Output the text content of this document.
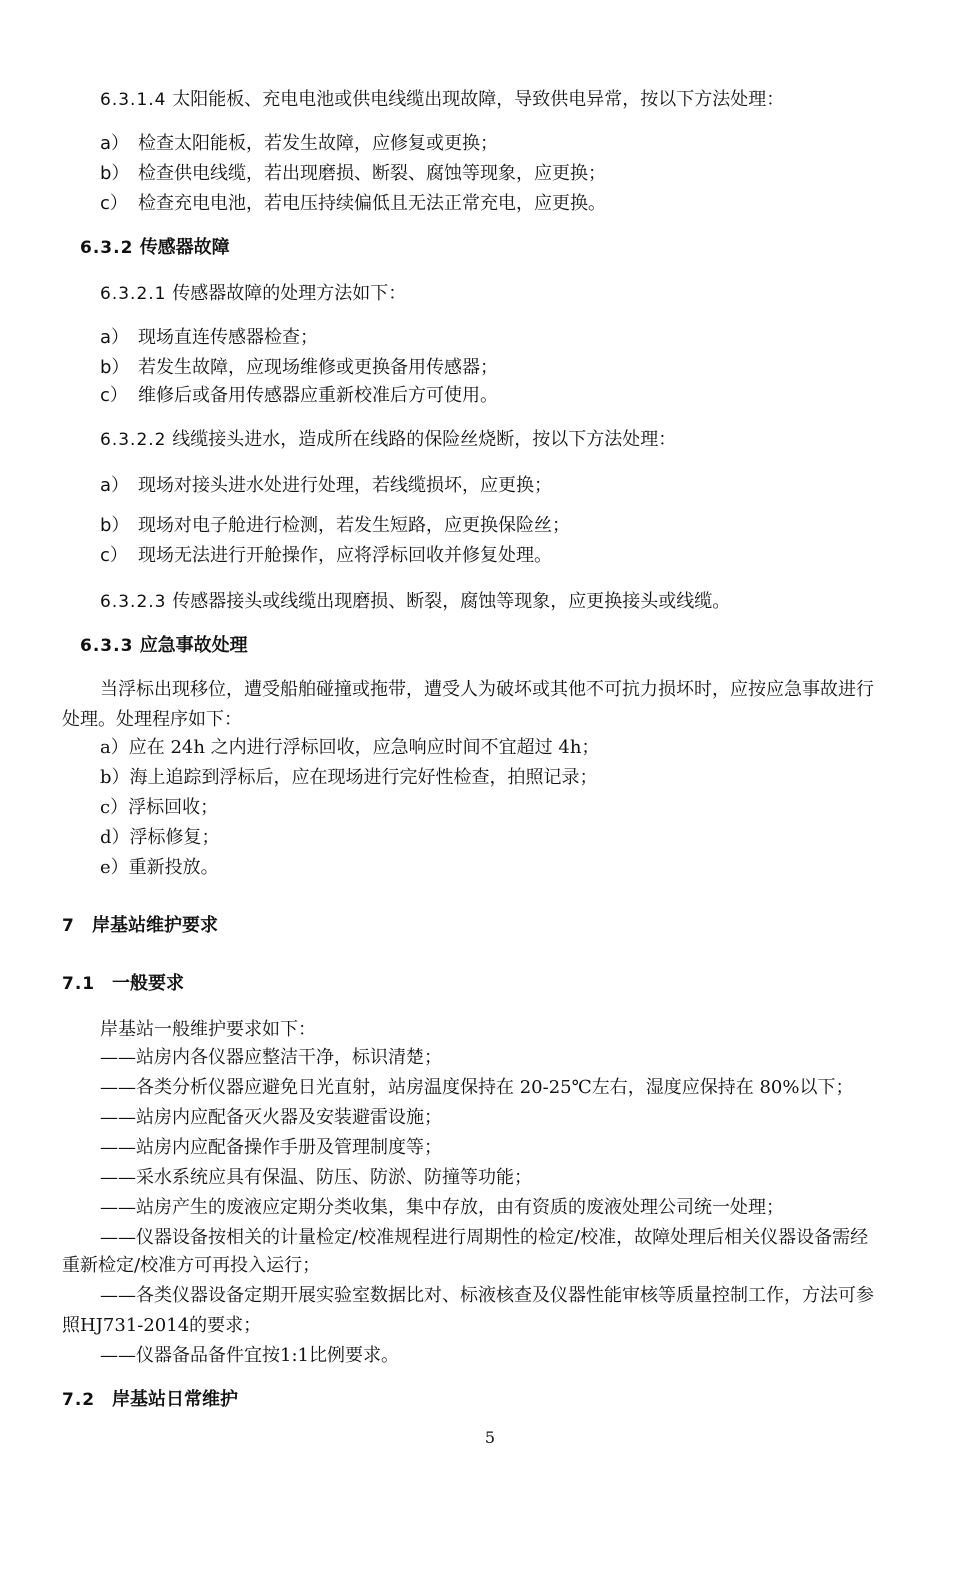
6.3.1.4 太阳能板、充电电池或供电线缆出现故障，导致供电异常，按以下方法处理：
a） 检查太阳能板，若发生故障，应修复或更换；
b） 检查供电线缆，若出现磨损、断裂、腐蚀等现象，应更换；
c） 检查充电电池，若电压持续偏低且无法正常充电，应更换。
6.3.2 传感器故障
6.3.2.1 传感器故障的处理方法如下：
a） 现场直连传感器检查；
b） 若发生故障，应现场维修或更换备用传感器；
c） 维修后或备用传感器应重新校准后方可使用。
6.3.2.2 线缆接头进水，造成所在线路的保险丝烧断，按以下方法处理：
a） 现场对接头进水处进行处理，若线缆损坏，应更换；
b） 现场对电子舱进行检测，若发生短路，应更换保险丝；
c） 现场无法进行开舱操作，应将浮标回收并修复处理。
6.3.2.3 传感器接头或线缆出现磨损、断裂，腐蚀等现象，应更换接头或线缆。
6.3.3 应急事故处理
当浮标出现移位，遭受船舶碰撞或拖带，遭受人为破坏或其他不可抗力损坏时，应按应急事故进行
处理。处理程序如下：
a）应在 24h 之内进行浮标回收，应急响应时间不宜超过 4h；
b）海上追踪到浮标后，应在现场进行完好性检查，拍照记录；
c）浮标回收；
d）浮标修复；
e）重新投放。
7 岸基站维护要求
7.1 一般要求
岸基站一般维护要求如下：
——站房内各仪器应整洁干净，标识清楚；
——各类分析仪器应避免日光直射，站房温度保持在 20-25℃左右，湿度应保持在 80%以下；
——站房内应配备灭火器及安装避雷设施；
——站房内应配备操作手册及管理制度等；
——采水系统应具有保温、防压、防淤、防撞等功能；
——站房产生的废液应定期分类收集，集中存放，由有资质的废液处理公司统一处理；
——仪器设备按相关的计量检定/校准规程进行周期性的检定/校准，故障处理后相关仪器设备需经
重新检定/校准方可再投入运行；
——各类仪器设备定期开展实验室数据比对、标液核查及仪器性能审核等质量控制工作，方法可参
照HJ731-2014的要求；
——仪器备品备件宜按1:1比例要求。
7.2 岸基站日常维护
5
